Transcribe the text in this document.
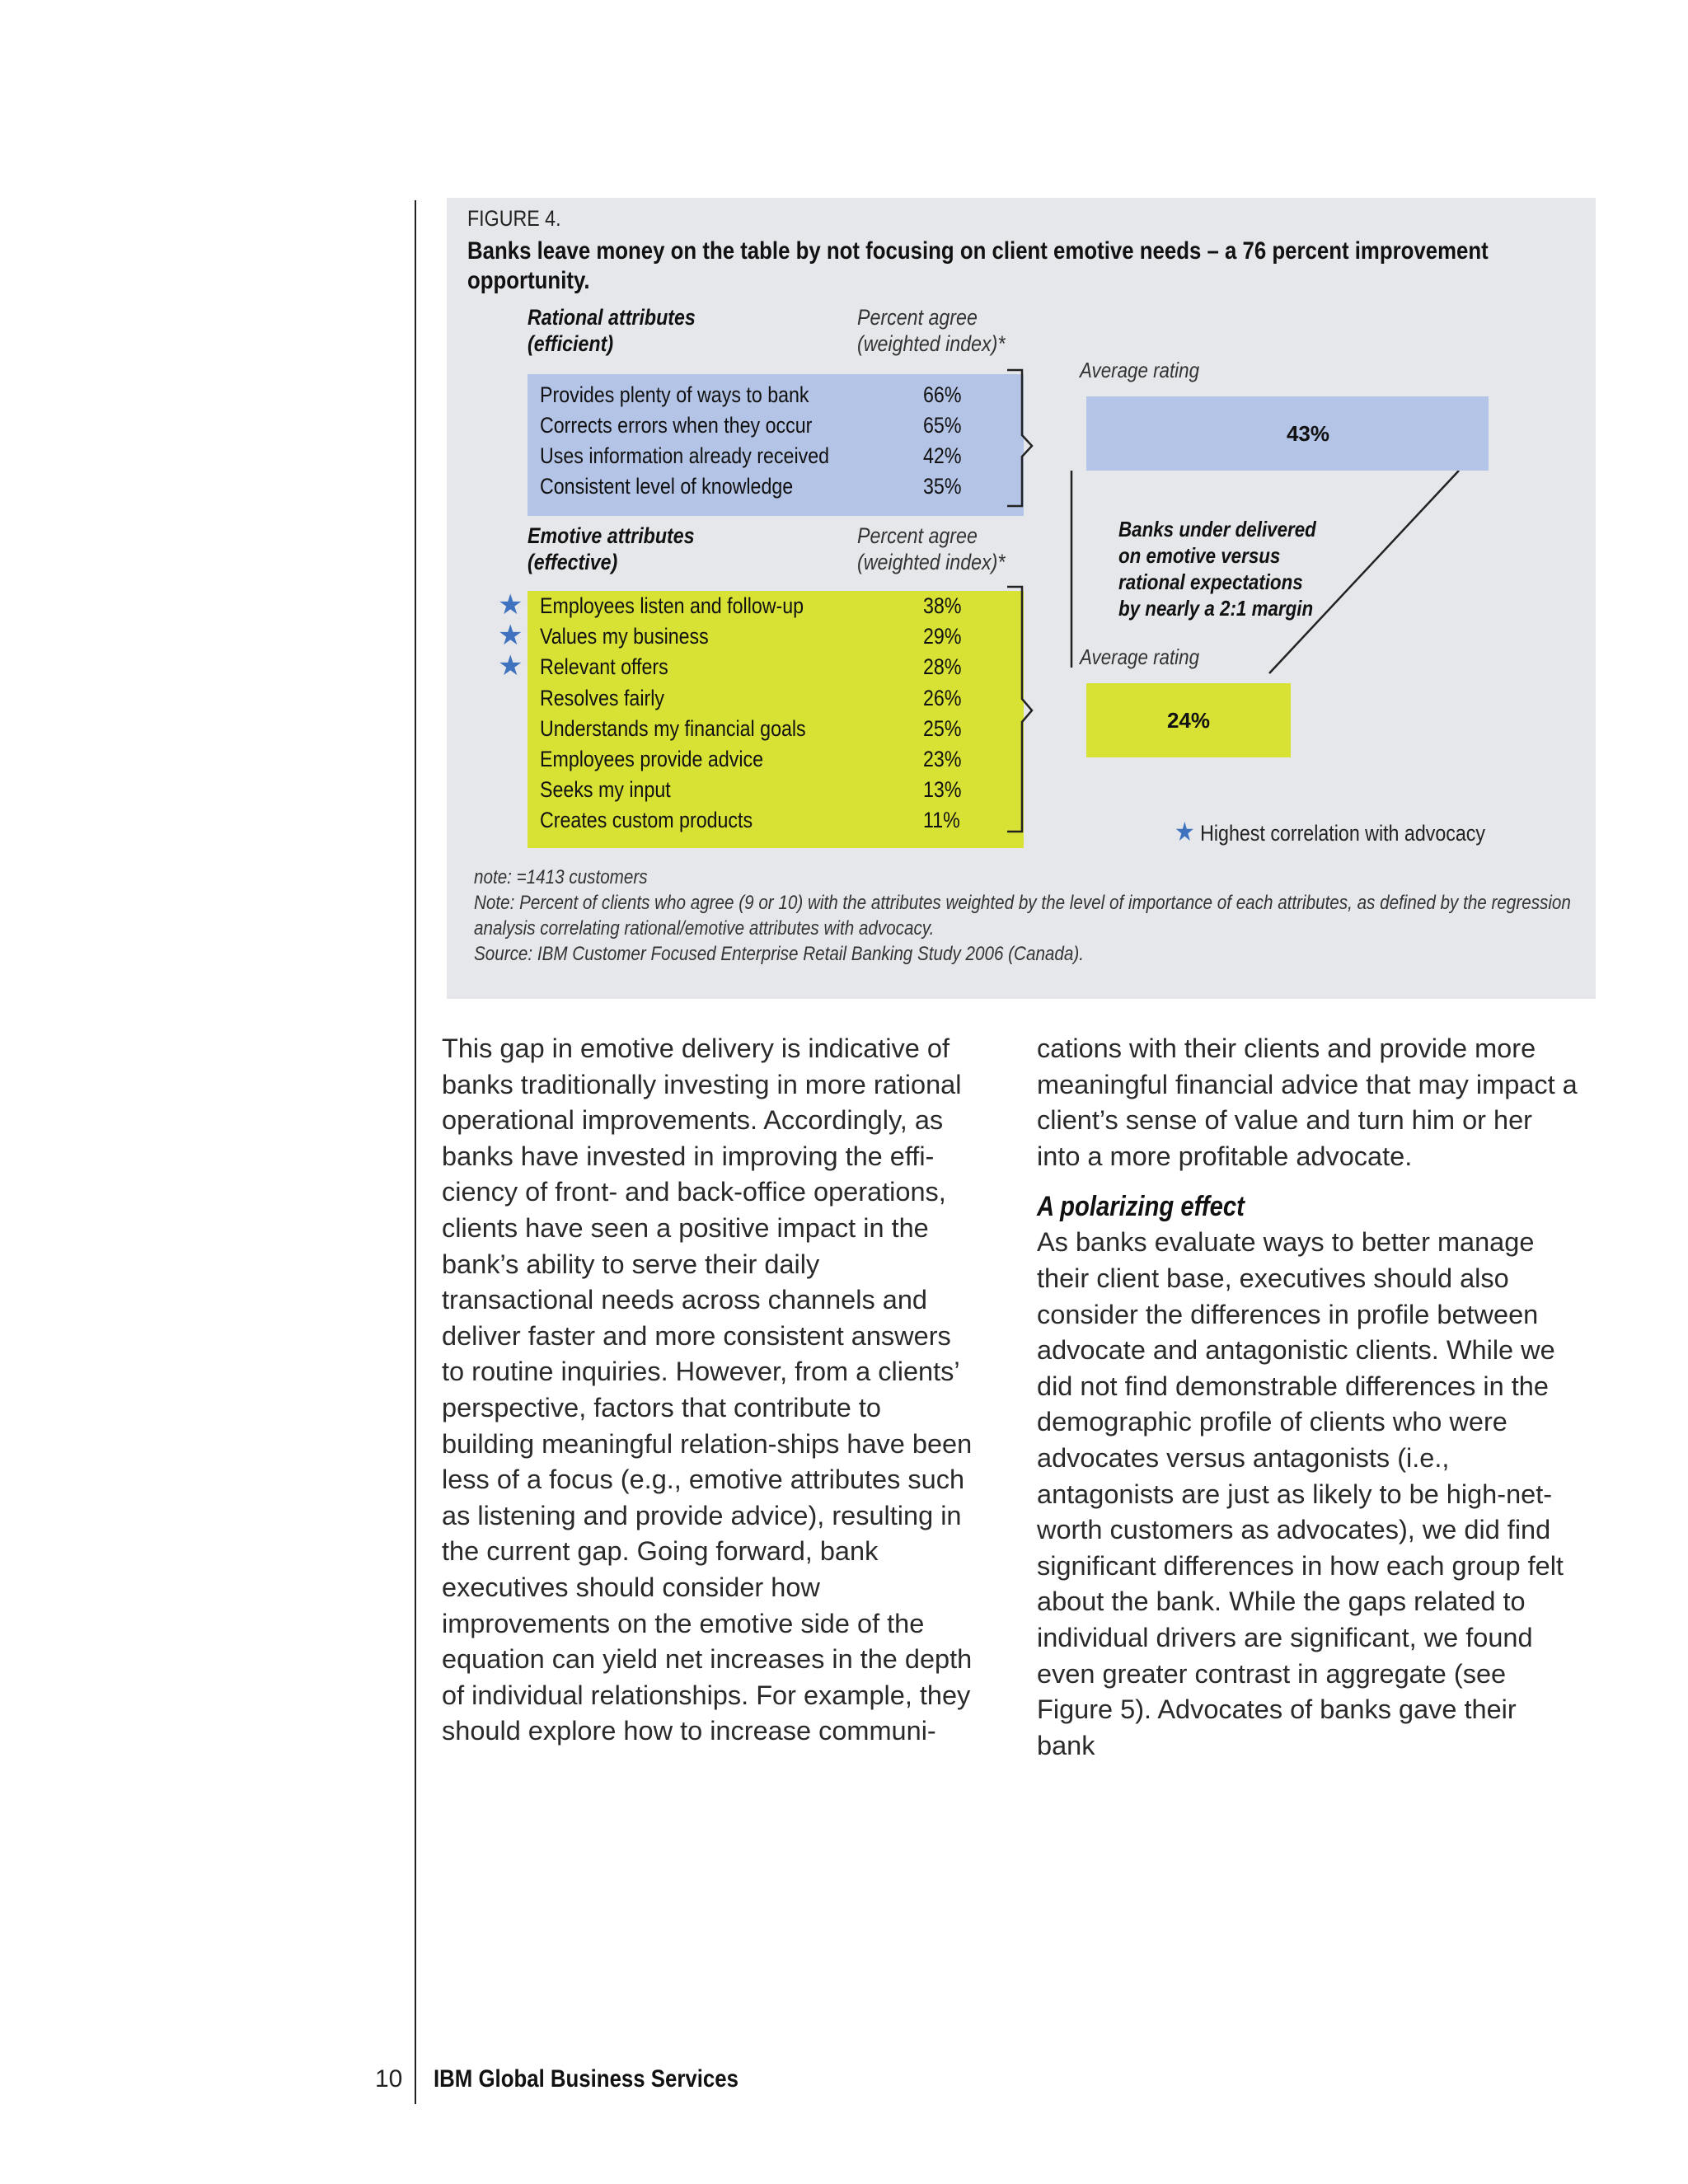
FIGURE 4.
Banks leave money on the table by not focusing on client emotive needs – a 76 percent improvement opportunity.
Rational attributes
(efficient)
Percent agree
(weighted index)*
Provides plenty of ways to bank	66%
Corrects errors when they occur	65%
Uses information already received	42%
Consistent level of knowledge	35%
Emotive attributes
(effective)
Percent agree
(weighted index)*
★
★
★
Employees listen and follow-up	38%
Values my business	29%
Relevant offers	28%
Resolves fairly	26%
Understands my financial goals	25%
Employees provide advice	23%
Seeks my input	13%
Creates custom products	11%
Average rating
43%
Banks under delivered
on emotive versus
rational expectations
by nearly a 2:1 margin
Average rating
24%
★ Highest correlation with advocacy
note: =1413 customers
Note: Percent of clients who agree (9 or 10) with the attributes weighted by the level of importance of each attributes, as defined by the regression
analysis correlating rational/emotive attributes with advocacy.
Source: IBM Customer Focused Enterprise Retail Banking Study 2006 (Canada).

This gap in emotive delivery is indicative of banks traditionally investing in more rational operational improvements. Accordingly, as banks have invested in improving the effi-ciency of front- and back-office operations, clients have seen a positive impact in the bank’s ability to serve their daily transactional needs across channels and deliver faster and more consistent answers to routine inquiries. However, from a clients’ perspective, factors that contribute to building meaningful relation-ships have been less of a focus (e.g., emotive attributes such as listening and provide advice), resulting in the current gap. Going forward, bank executives should consider how improvements on the emotive side of the equation can yield net increases in the depth of individual relationships. For example, they should explore how to increase communi-

cations with their clients and provide more meaningful financial advice that may impact a client’s sense of value and turn him or her into a more profitable advocate.

A polarizing effect

As banks evaluate ways to better manage their client base, executives should also consider the differences in profile between advocate and antagonistic clients. While we did not find demonstrable differences in the demographic profile of clients who were advocates versus antagonists (i.e., antagonists are just as likely to be high-net-worth customers as advocates), we did find significant differences in how each group felt about the bank. While the gaps related to individual drivers are significant, we found even greater contrast in aggregate (see Figure 5). Advocates of banks gave their bank

10 IBM Global Business Services
